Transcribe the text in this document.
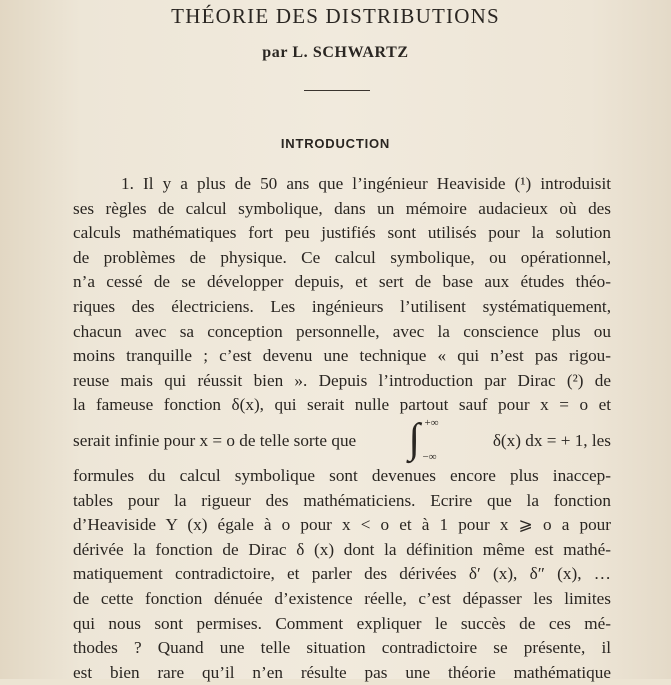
THÉORIE DES DISTRIBUTIONS
par L. SCHWARTZ
INTRODUCTION
1. Il y a plus de 50 ans que l’ingénieur Heaviside (¹) introduisit
ses règles de calcul symbolique, dans un mémoire audacieux où des
calculs mathématiques fort peu justifiés sont utilisés pour la solution
de problèmes de physique. Ce calcul symbolique, ou opérationnel,
n’a cessé de se développer depuis, et sert de base aux études théo-
riques des électriciens. Les ingénieurs l’utilisent systématiquement,
chacun avec sa conception personnelle, avec la conscience plus ou
moins tranquille ; c’est devenu une technique « qui n’est pas rigou-
reuse mais qui réussit bien ». Depuis l’introduction par Dirac (²) de
la fameuse fonction δ(x), qui serait nulle partout sauf pour x = o et
serait infinie pour x = o de telle sorte que ∫ +∞
−∞
δ(x) dx = + 1, les
formules du calcul symbolique sont devenues encore plus inaccep-
tables pour la rigueur des mathématiciens. Ecrire que la fonction
d’Heaviside Y (x) égale à o pour x < o et à 1 pour x ⩾ o a pour
dérivée la fonction de Dirac δ (x) dont la définition même est mathé-
matiquement contradictoire, et parler des dérivées δ′ (x), δ″ (x), …
de cette fonction dénuée d’existence réelle, c’est dépasser les limites
qui nous sont permises. Comment expliquer le succès de ces mé-
thodes ? Quand une telle situation contradictoire se présente, il
est bien rare qu’il n’en résulte pas une théorie mathématique
